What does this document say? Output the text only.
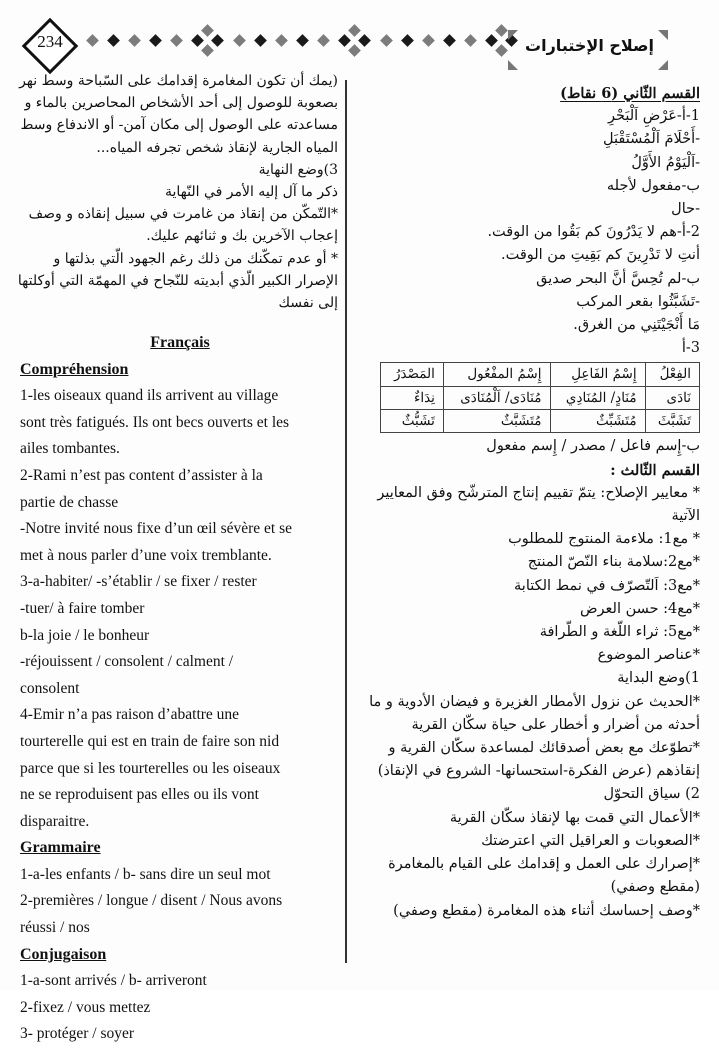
234	إصلاح الإختبارات
القسم الثّاني (6 نقاط)
1-أ-عَرْضِ اَلْبَحْرِ
-أَحْلَامَ اَلْمُسْتَقْبَلِ
-اَلْيَوْمُ الأَوَّلُ
ب-مفعول لأجله
-حال
2-أ-هم لا يَدْرُونَ كم بَقُوا من الوقت.
أنتِ لا تَدْرِينَ كم بَقِيتِ من الوقت.
ب-لم تُحِسَّ أنَّ البحر صديق
-تَشَبَّثُوا بقعر المركب
مَا أَنْجَيْتَنِي من الغرق.
3-أ
الفِعْلُ	إِسْمُ الفَاعِلِ	إِسْمُ المفْعُول	المَصْدَرُ
نَادَى	مُنَادٍ/ المُنَادِي	مُنَادَى/ اَلْمُنَادَى	نِدَاءٌ
تَشَبَّثَ	مُتَشَبِّثٌ	مُتَشَبَّثٌ	تَشَبُّثٌ
ب-إِسم فاعل / مصدر / إِسم مفعول
القسم الثّالث :
* معايير الإصلاح: يتمّ تقييم إنتاج المترشّح وفق المعايير
الآتية
* مع1: ملاءمة المنتوج للمطلوب
*مع2:سلامة بناء النّصّ المنتج
*مع3: اَلتّصرّف في نمط الكتابة
*مع4: حسن العرض
*مع5: ثراء اللّغة و الطّرافة
*عناصر الموضوع
1)وضع البداية
*الحديث عن نزول الأمطار الغزيرة و فيضان الأدوية و ما
أحدثه من أضرار و أخطار على حياة سكّان القرية
*تطوّعك مع بعض أصدقائك لمساعدة سكّان القرية و
إنقاذهم (عرض الفكرة-استحسانها- الشروع في الإنقاذ)
2) سياق التحوّل
*الأعمال التي قمت بها لإنقاذ سكّان القرية
*الصعوبات و العراقيل التي اعترضتك
*إصرارك على العمل و إقدامك على القيام بالمغامرة
(مقطع وصفي)
*وصف إحساسك أثناء هذه المغامرة (مقطع وصفي)
(يمك أن تكون المغامرة إقدامك على السّباحة وسط نهر
بصعوبة للوصول إلى أحد الأشخاص المحاصرين بالماء و
مساعدته على الوصول إلى مكان آمن- أو الاندفاع وسط
المياه الجارية لإنقاذ شخص تجرفه المياه...
3)وضع النهاية
ذكر ما آل إليه الأمر في النّهاية
*التّمكّن من إنقاذ من غامرت في سبيل إنقاذه و وصف
إعجاب الآخرين بك و ثنائهم عليك.
* أو عدم تمكّنك من ذلك رغم الجهود الّتي بذلتها و
الإصرار الكبير الّذي أبديته للنّجاح في المهمّة التي أوكلتها
إلى نفسك
Français
Compréhension
1-les oiseaux quand ils arrivent au village
sont très fatigués. Ils ont becs ouverts et les
ailes tombantes.
2-Rami n’est pas content d’assister à la
partie de chasse
-Notre invité nous fixe d’un œil sévère et se
met à nous parler d’une voix tremblante.
3-a-habiter/ -s’établir / se fixer / rester
-tuer/ à faire tomber
b-la joie / le bonheur
-réjouissent / consolent / calment /
consolent
4-Emir n’a pas raison d’abattre une
tourterelle qui est en train de faire son nid
parce que si les tourterelles ou les oiseaux
ne se reproduisent pas elles ou ils vont
disparaitre.
Grammaire
1-a-les enfants / b- sans dire un seul mot
2-premières / longue / disent / Nous avons
réussi / nos
Conjugaison
1-a-sont arrivés / b- arriveront
2-fixez / vous mettez
3- protéger / soyer
